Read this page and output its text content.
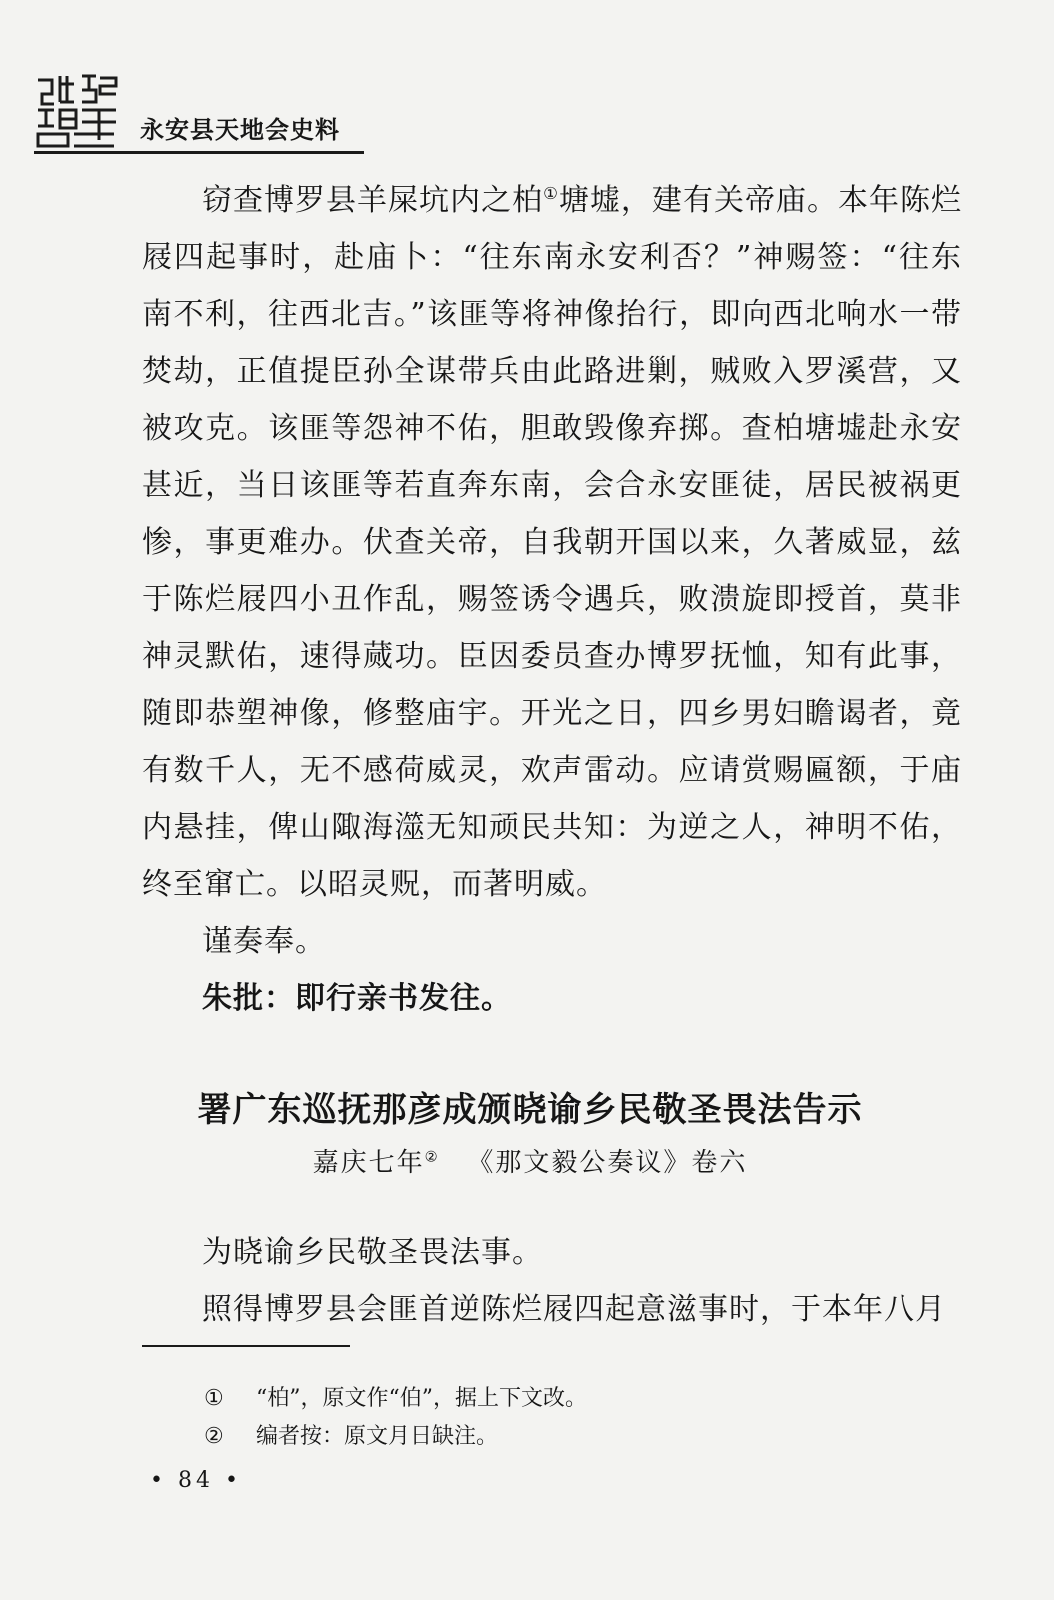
永安县天地会史料

窃查博罗县羊屎坑内之柏①塘墟，建有关帝庙。本年陈烂屐四起事时，赴庙卜：“往东南永安利否？”神赐签：“往东南不利，往西北吉。”该匪等将神像抬行，即向西北响水一带焚劫，正值提臣孙全谋带兵由此路进剿，贼败入罗溪营，又被攻克。该匪等怨神不佑，胆敢毁像弃掷。查柏塘墟赴永安甚近，当日该匪等若直奔东南，会合永安匪徒，居民被祸更惨，事更难办。伏查关帝，自我朝开国以来，久著威显，兹于陈烂屐四小丑作乱，赐签诱令遇兵，败溃旋即授首，莫非神灵默佑，速得蒇功。臣因委员查办博罗抚恤，知有此事，随即恭塑神像，修整庙宇。开光之日，四乡男妇瞻谒者，竟有数千人，无不感荷威灵，欢声雷动。应请赏赐匾额，于庙内悬挂，俾山陬海澨无知顽民共知：为逆之人，神明不佑，终至窜亡。以昭灵贶，而著明威。

谨奏奉。

朱批：即行亲书发往。

署广东巡抚那彦成颁晓谕乡民敬圣畏法告示
嘉庆七年②  《那文毅公奏议》卷六

为晓谕乡民敬圣畏法事。

照得博罗县会匪首逆陈烂屐四起意滋事时，于本年八月

①	“柏”，原文作“伯”，据上下文改。
②	编者按：原文月日缺注。
• 84 •
